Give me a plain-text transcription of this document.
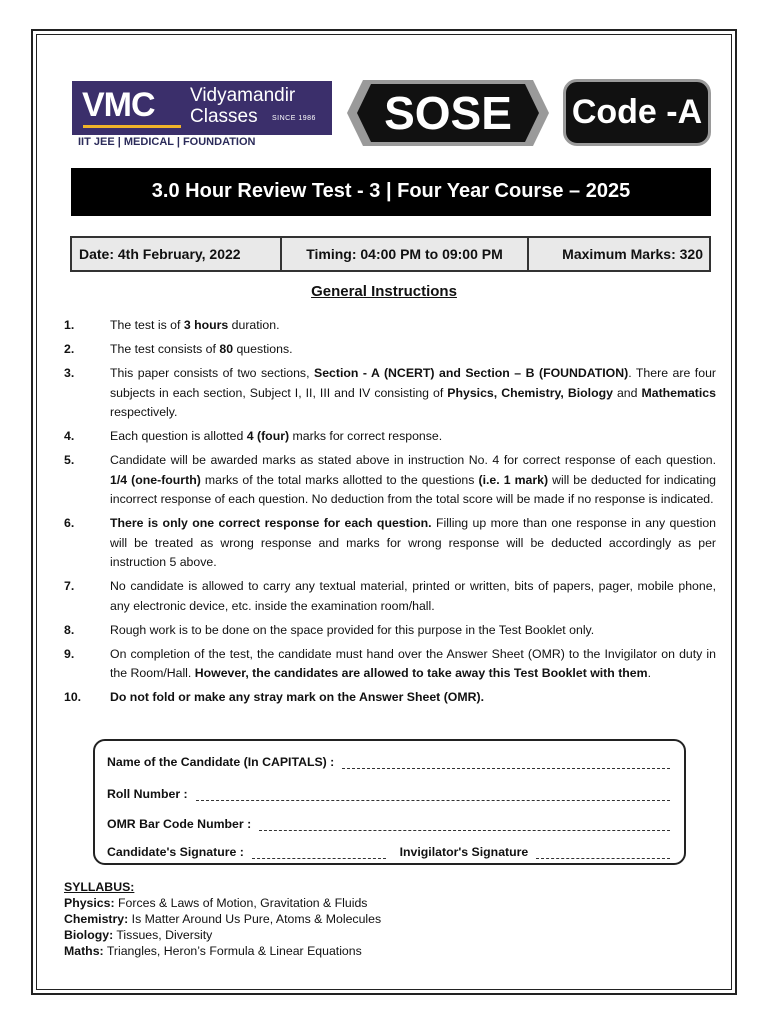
VMC Vidyamandir
Classes SINCE 1986
IIT JEE | MEDICAL | FOUNDATION
SOSE	Code -A
3.0 Hour Review Test - 3 | Four Year Course – 2025
Date: 4th February, 2022	Timing: 04:00 PM to 09:00 PM	Maximum Marks: 320
General Instructions
1.	The test is of 3 hours duration.
2.	The test consists of 80 questions.
3.	This paper consists of two sections, Section - A (NCERT) and Section – B (FOUNDATION). There are four subjects in each section, Subject I, II, III and IV consisting of Physics, Chemistry, Biology and Mathematics respectively.
4.	Each question is allotted 4 (four) marks for correct response.
5.	Candidate will be awarded marks as stated above in instruction No. 4 for correct response of each question. 1/4 (one-fourth) marks of the total marks allotted to the questions (i.e. 1 mark) will be deducted for indicating incorrect response of each question. No deduction from the total score will be made if no response is indicated.
6.	There is only one correct response for each question. Filling up more than one response in any question will be treated as wrong response and marks for wrong response will be deducted accordingly as per instruction 5 above.
7.	No candidate is allowed to carry any textual material, printed or written, bits of papers, pager, mobile phone, any electronic device, etc. inside the examination room/hall.
8.	Rough work is to be done on the space provided for this purpose in the Test Booklet only.
9.	On completion of the test, the candidate must hand over the Answer Sheet (OMR) to the Invigilator on duty in the Room/Hall. However, the candidates are allowed to take away this Test Booklet with them.
10.	Do not fold or make any stray mark on the Answer Sheet (OMR).
Name of the Candidate (In CAPITALS) :
Roll Number :
OMR Bar Code Number :
Candidate's Signature :	Invigilator's Signature
SYLLABUS:
Physics: Forces & Laws of Motion, Gravitation & Fluids
Chemistry: Is Matter Around Us Pure, Atoms & Molecules
Biology: Tissues, Diversity
Maths: Triangles, Heron’s Formula & Linear Equations
